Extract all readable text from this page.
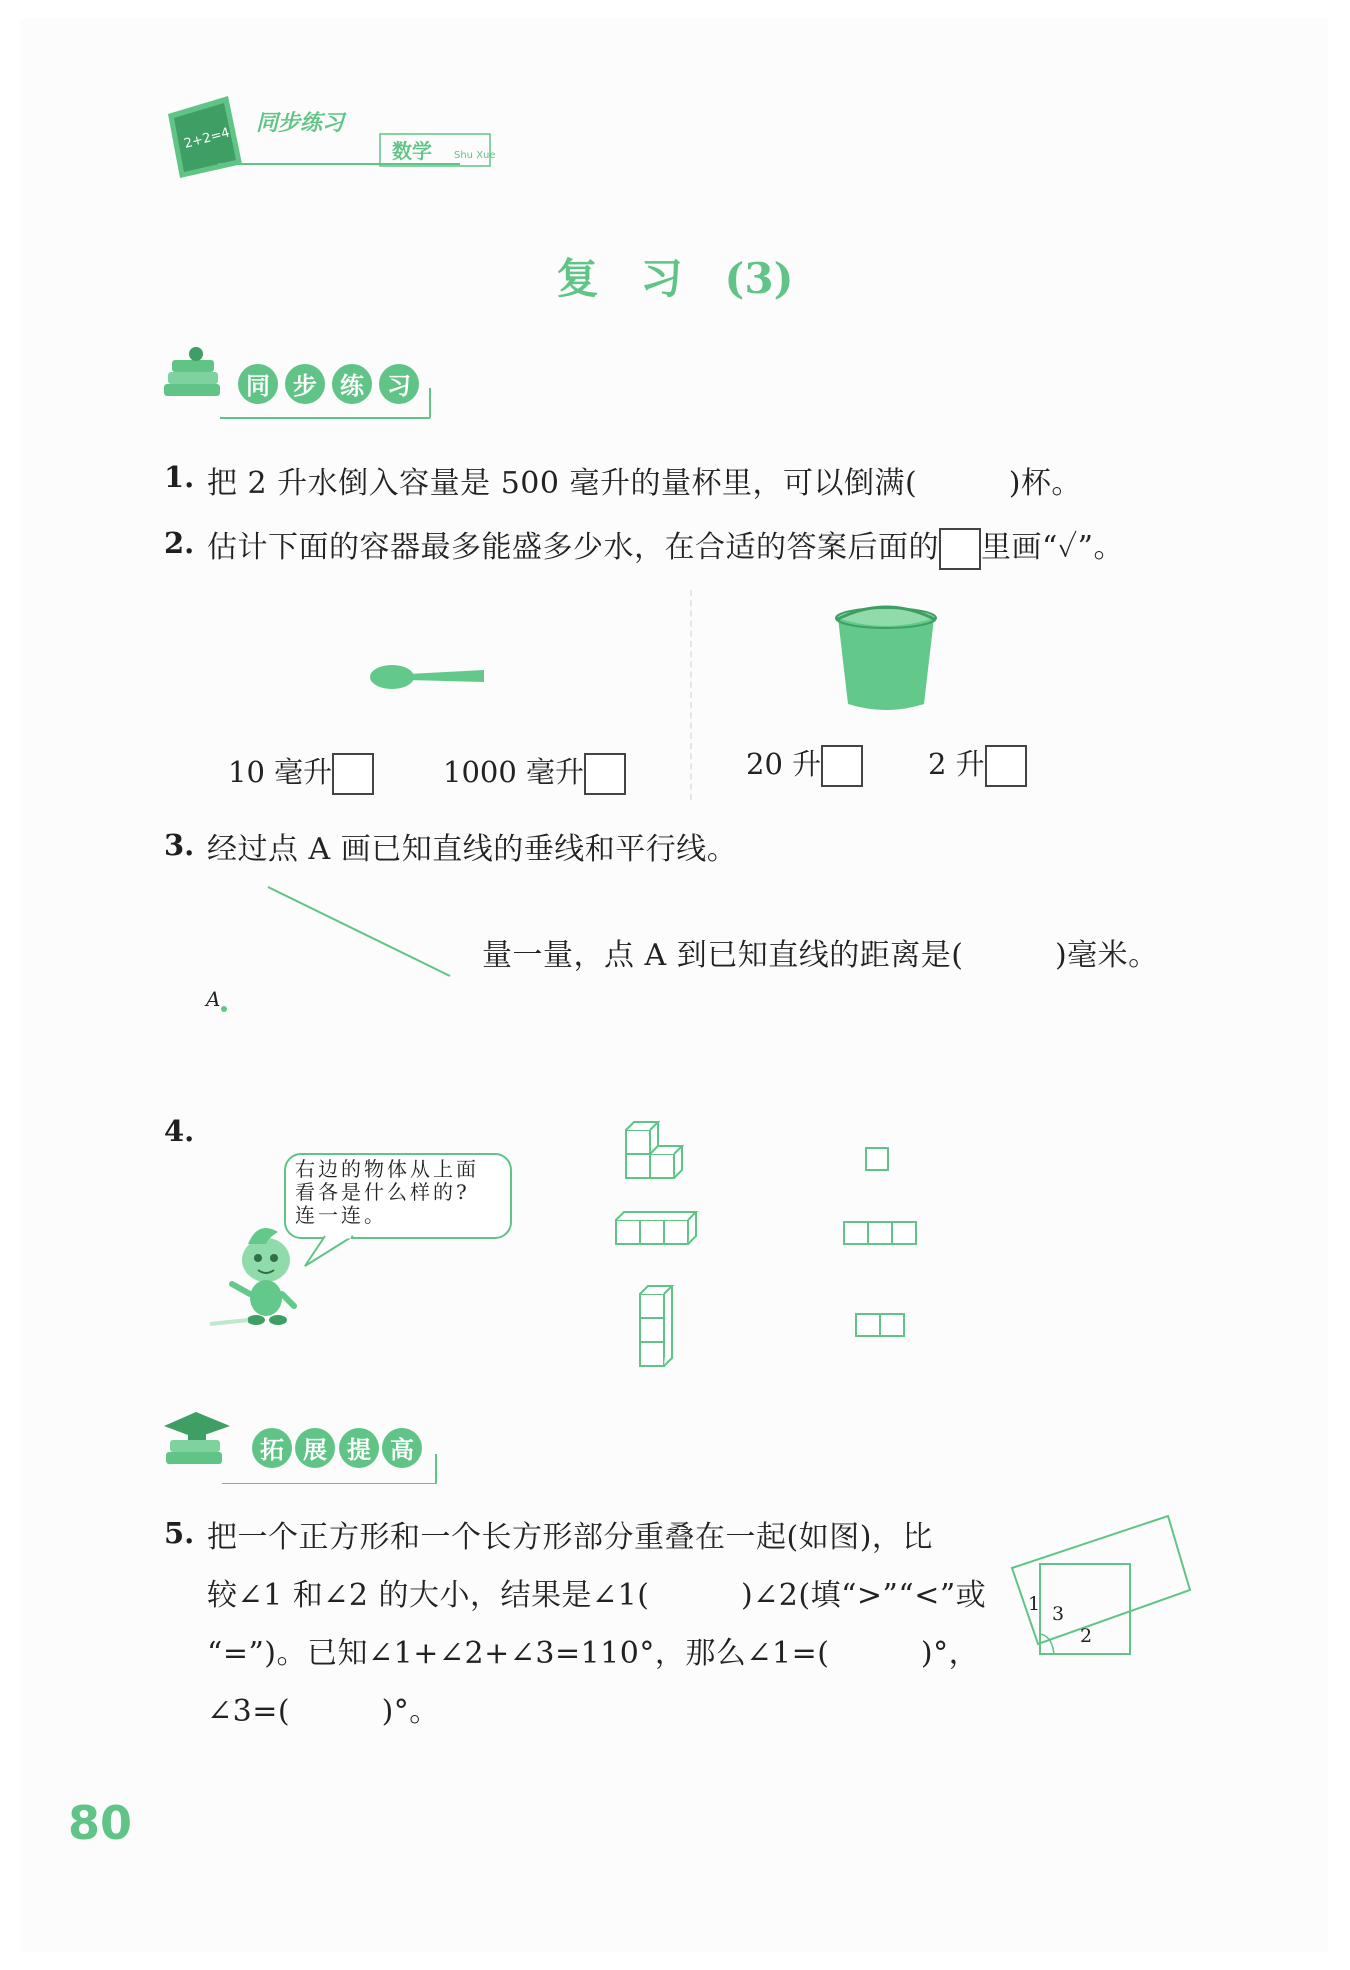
2+2=4
同步练习
数学 Shu Xue
复　习　(3)
同 步 练 习
1. 把 2 升水倒入容量是 500 毫升的量杯里，可以倒满(　　　)杯。
2. 估计下面的容器最多能盛多少水，在合适的答案后面的 里画“✓”。
10 毫升	1000 毫升	20 升	2 升
3. 经过点 A 画已知直线的垂线和平行线。
A
量一量，点 A 到已知直线的距离是(　　　)毫米。
4.
右边的物体从上面
看各是什么样的?
连一连。
拓 展 提 高
5. 把一个正方形和一个长方形部分重叠在一起(如图)，比
较∠1 和∠2 的大小，结果是∠1(　　　)∠2(填“>”“<”或
“=”)。已知∠1+∠2+∠3=110°，那么∠1=(　　　)°，
∠3=(　　　)°。
1 3
2
80
